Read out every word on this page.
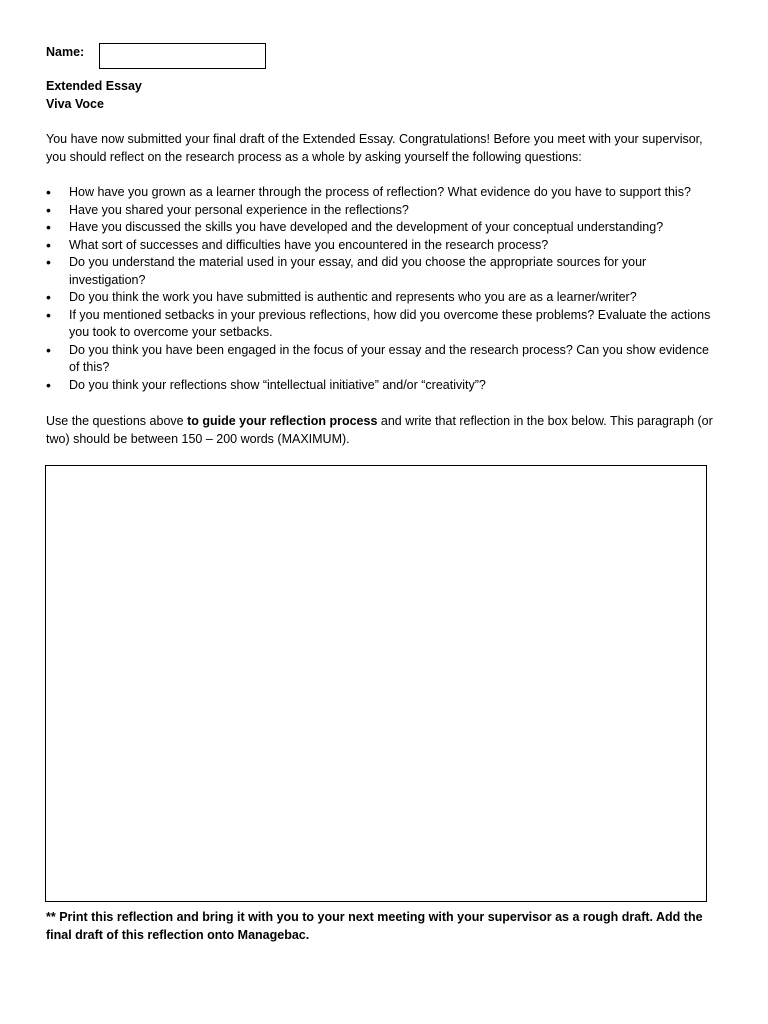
Name:
Extended Essay
Viva Voce
You have now submitted your final draft of the Extended Essay. Congratulations! Before you meet with your supervisor, you should reflect on the research process as a whole by asking yourself the following questions:
• How have you grown as a learner through the process of reflection? What evidence do you have to support this?
• Have you shared your personal experience in the reflections?
• Have you discussed the skills you have developed and the development of your conceptual understanding?
• What sort of successes and difficulties have you encountered in the research process?
• Do you understand the material used in your essay, and did you choose the appropriate sources for your investigation?
• Do you think the work you have submitted is authentic and represents who you are as a learner/writer?
• If you mentioned setbacks in your previous reflections, how did you overcome these problems? Evaluate the actions you took to overcome your setbacks.
• Do you think you have been engaged in the focus of your essay and the research process? Can you show evidence of this?
• Do you think your reflections show “intellectual initiative” and/or “creativity”?
Use the questions above to guide your reflection process and write that reflection in the box below. This paragraph (or two) should be between 150 – 200 words (MAXIMUM).
** Print this reflection and bring it with you to your next meeting with your supervisor as a rough draft. Add the final draft of this reflection onto Managebac.
